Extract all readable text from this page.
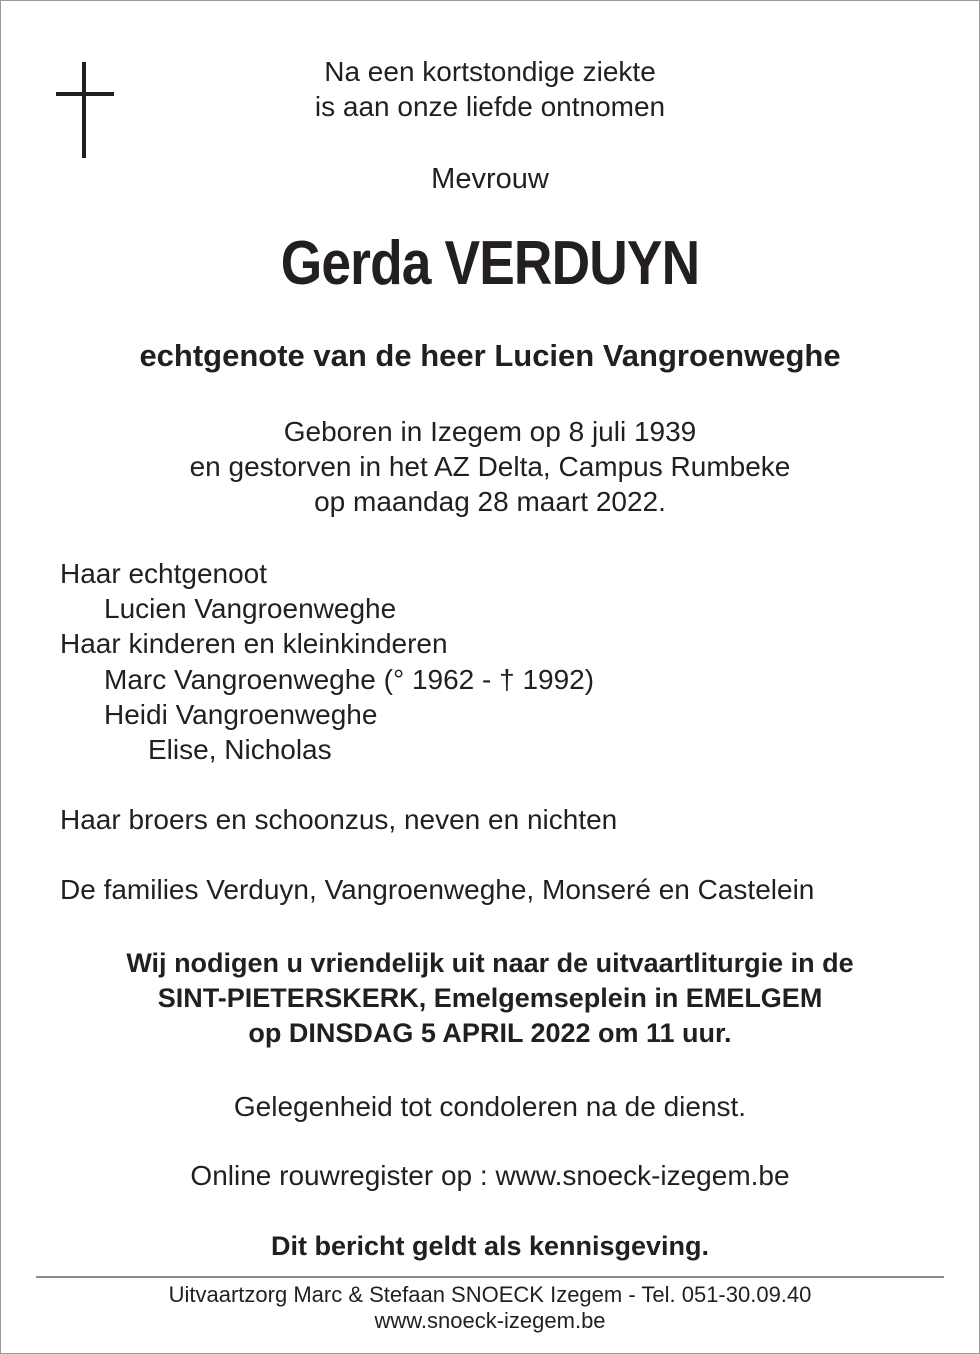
Na een kortstondige ziekte
is aan onze liefde ontnomen
Mevrouw
Gerda VERDUYN
echtgenote van de heer Lucien Vangroenweghe
Geboren in Izegem op 8 juli 1939
en gestorven in het AZ Delta, Campus Rumbeke
op maandag 28 maart 2022.
Haar echtgenoot
Lucien Vangroenweghe
Haar kinderen en kleinkinderen
Marc Vangroenweghe (° 1962 - † 1992)
Heidi Vangroenweghe
Elise, Nicholas
Haar broers en schoonzus, neven en nichten
De families Verduyn, Vangroenweghe, Monseré en Castelein
Wij nodigen u vriendelijk uit naar de uitvaartliturgie in de
SINT-PIETERSKERK, Emelgemseplein in EMELGEM
op DINSDAG 5 APRIL 2022 om 11 uur.
Gelegenheid tot condoleren na de dienst.
Online rouwregister op : www.snoeck-izegem.be
Dit bericht geldt als kennisgeving.
Uitvaartzorg Marc & Stefaan SNOECK Izegem - Tel. 051-30.09.40
www.snoeck-izegem.be
